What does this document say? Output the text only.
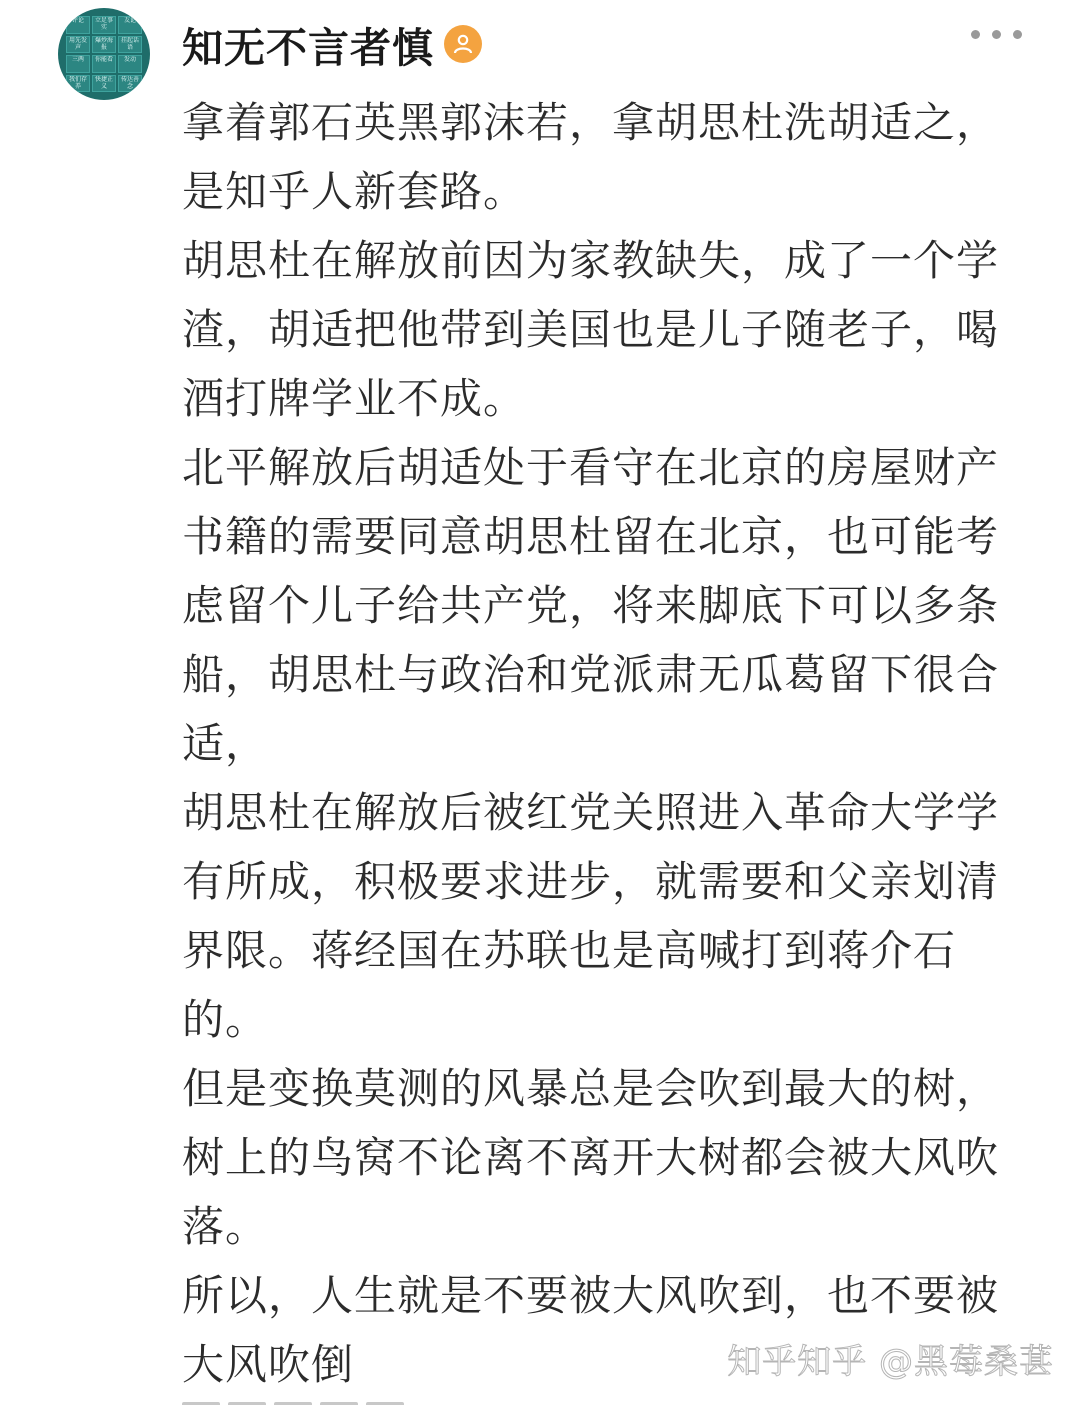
评论	立足事实
友论
用先发声
爆炒海报
挂起话语
三两	你能看	发动
我们存养
快捷正义
传达善念
知无不言者慎

拿着郭石英黑郭沫若，拿胡思杜洗胡适之，是知乎人新套路。

胡思杜在解放前因为家教缺失，成了一个学渣，胡适把他带到美国也是儿子随老子，喝酒打牌学业不成。

北平解放后胡适处于看守在北京的房屋财产书籍的需要同意胡思杜留在北京，也可能考虑留个儿子给共产党，将来脚底下可以多条船，胡思杜与政治和党派肃无瓜葛留下很合适，

胡思杜在解放后被红党关照进入革命大学学有所成，积极要求进步，就需要和父亲划清界限。蒋经国在苏联也是高喊打到蒋介石的。

但是变换莫测的风暴总是会吹到最大的树，树上的鸟窝不论离不离开大树都会被大风吹落。

所以，人生就是不要被大风吹到，也不要被大风吹倒	知乎知乎 @黑莓桑葚
